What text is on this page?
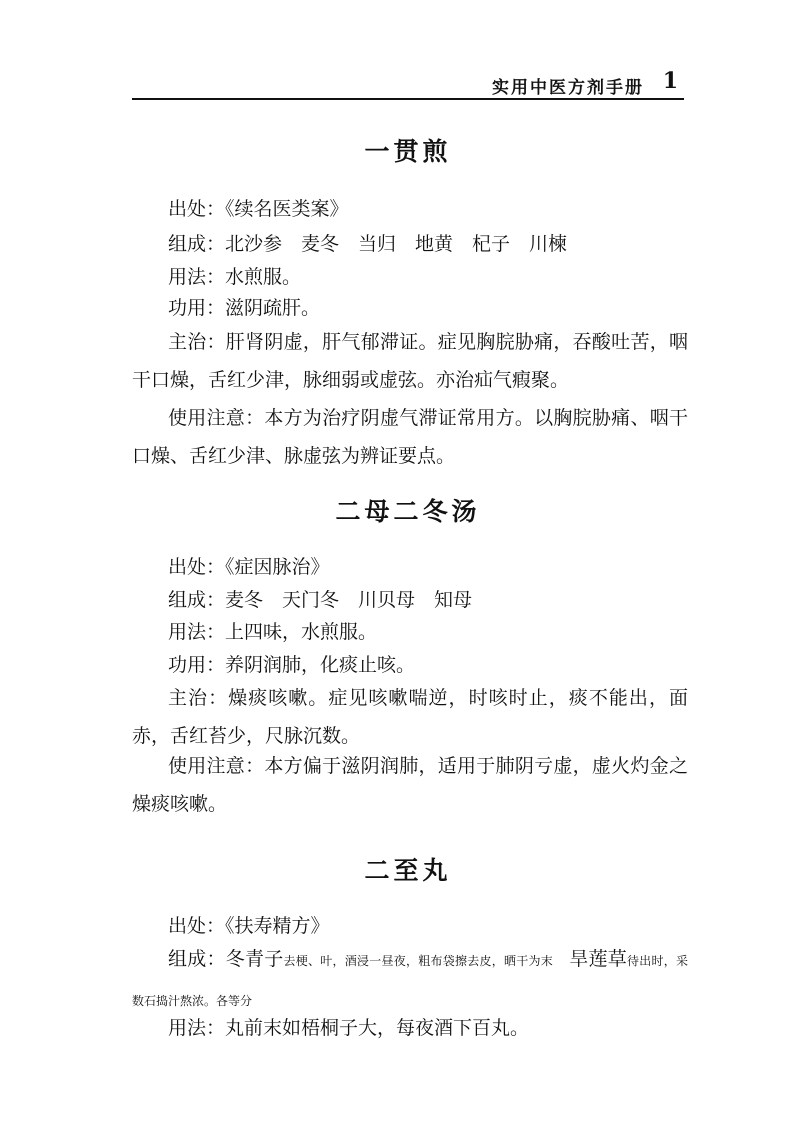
实用中医方剂手册 1
一贯煎

出处：《续名医类案》

组成：北沙参　麦冬　当归　地黄　杞子　川楝

用法：水煎服。

功用：滋阴疏肝。

主治：肝肾阴虚，肝气郁滞证。症见胸脘胁痛，吞酸吐苦，咽干口燥，舌红少津，脉细弱或虚弦。亦治疝气瘕聚。

使用注意：本方为治疗阴虚气滞证常用方。以胸脘胁痛、咽干口燥、舌红少津、脉虚弦为辨证要点。

二母二冬汤

出处：《症因脉治》

组成：麦冬　天门冬　川贝母　知母

用法：上四味，水煎服。

功用：养阴润肺，化痰止咳。

主治：燥痰咳嗽。症见咳嗽喘逆，时咳时止，痰不能出，面赤，舌红苔少，尺脉沉数。

使用注意：本方偏于滋阴润肺，适用于肺阴亏虚，虚火灼金之燥痰咳嗽。

二至丸

出处：《扶寿精方》

组成：冬青子去梗、叶，酒浸一昼夜，粗布袋擦去皮，晒干为末 旱莲草待出时，采数石捣汁熬浓。各等分

用法：丸前末如梧桐子大，每夜酒下百丸。
